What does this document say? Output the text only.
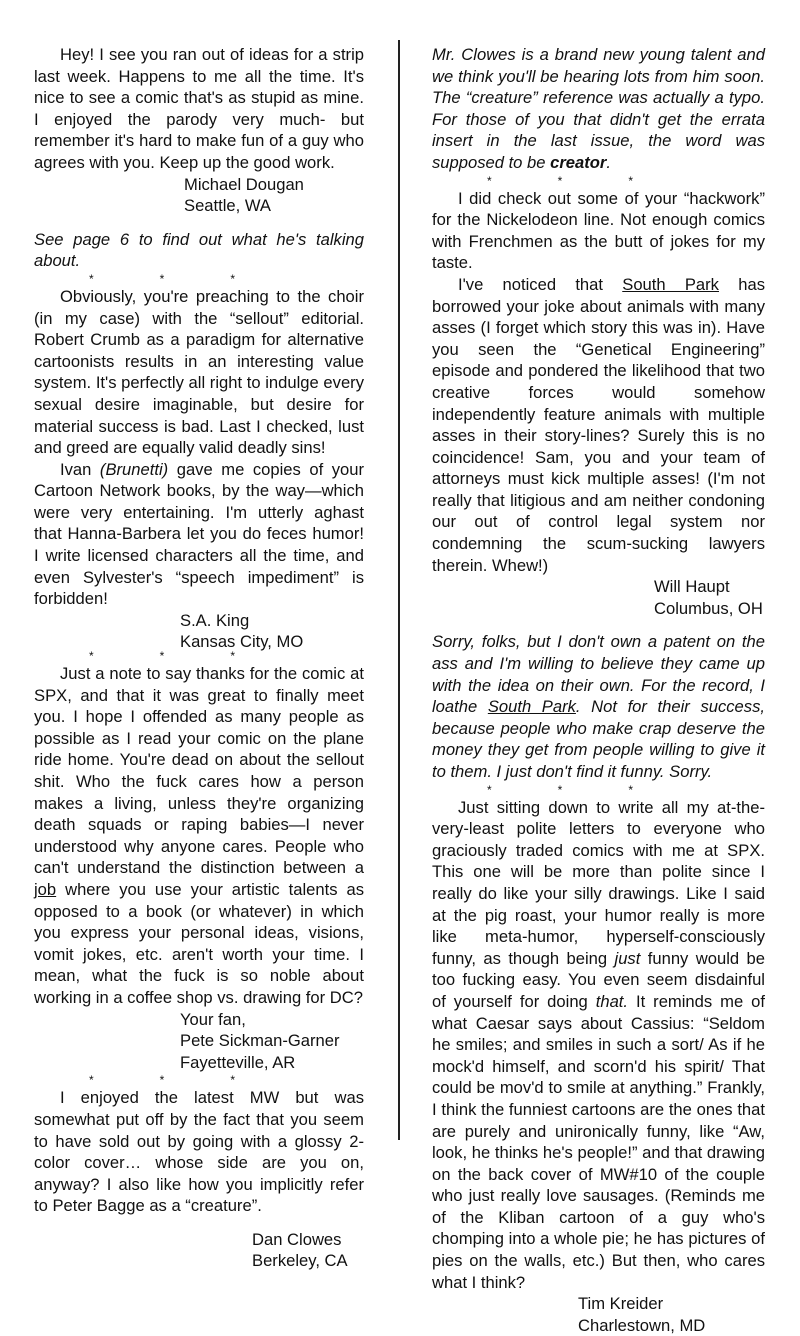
Hey! I see you ran out of ideas for a strip last week. Happens to me all the time. It's nice to see a comic that's as stupid as mine. I enjoyed the parody very much- but remember it's hard to make fun of a guy who agrees with you. Keep up the good work.

Michael Dougan
Seattle, WA

See page 6 to find out what he's talking about.

*	*	*

Obviously, you're preaching to the choir (in my case) with the “sellout” editorial. Robert Crumb as a paradigm for alternative cartoonists results in an interesting value system. It's perfectly all right to indulge every sexual desire imaginable, but desire for material success is bad. Last I checked, lust and greed are equally valid deadly sins!

Ivan (Brunetti) gave me copies of your Cartoon Network books, by the way—which were very entertaining. I'm utterly aghast that Hanna-Barbera let you do feces humor! I write licensed characters all the time, and even Sylvester's “speech impediment” is forbidden!

S.A. King
Kansas City, MO
*	*	*

Just a note to say thanks for the comic at SPX, and that it was great to finally meet you. I hope I offended as many people as possible as I read your comic on the plane ride home. You're dead on about the sellout shit. Who the fuck cares how a person makes a living, unless they're organizing death squads or raping babies—I never understood why anyone cares. People who can't understand the distinction between a job where you use your artistic talents as opposed to a book (or whatever) in which you express your personal ideas, visions, vomit jokes, etc. aren't worth your time. I mean, what the fuck is so noble about working in a coffee shop vs. drawing for DC?

Your fan,
Pete Sickman-Garner
Fayetteville, AR
*	*	*

I enjoyed the latest MW but was somewhat put off by the fact that you seem to have sold out by going with a glossy 2-color cover… whose side are you on, anyway? I also like how you implicitly refer to Peter Bagge as a “creature”.

Dan Clowes
Berkeley, CA

Mr. Clowes is a brand new young talent and we think you'll be hearing lots from him soon. The “creature” reference was actually a typo. For those of you that didn't get the errata insert in the last issue, the word was supposed to be creator.

*	*	*

I did check out some of your “hackwork” for the Nickelodeon line. Not enough comics with Frenchmen as the butt of jokes for my taste.

I've noticed that South Park has borrowed your joke about animals with many asses (I forget which story this was in). Have you seen the “Genetical Engineering” episode and pondered the likelihood that two creative forces would somehow independently feature animals with multiple asses in their story-lines? Surely this is no coincidence! Sam, you and your team of attorneys must kick multiple asses! (I'm not really that litigious and am neither condoning our out of control legal system nor condemning the scum-sucking lawyers therein. Whew!)

Will Haupt
Columbus, OH

Sorry, folks, but I don't own a patent on the ass and I'm willing to believe they came up with the idea on their own. For the record, I loathe South Park. Not for their success, because people who make crap deserve the money they get from people willing to give it to them. I just don't find it funny. Sorry.

*	*	*

Just sitting down to write all my at-the-very-least polite letters to everyone who graciously traded comics with me at SPX. This one will be more than polite since I really do like your silly drawings. Like I said at the pig roast, your humor really is more like meta-humor, hyperself-consciously funny, as though being just funny would be too fucking easy. You even seem disdainful of yourself for doing that. It reminds me of what Caesar says about Cassius: “Seldom he smiles; and smiles in such a sort/ As if he mock'd himself, and scorn'd his spirit/ That could be mov'd to smile at anything.” Frankly, I think the funniest cartoons are the ones that are purely and unironically funny, like “Aw, look, he thinks he's people!” and that drawing on the back cover of MW#10 of the couple who just really love sausages. (Reminds me of the Kliban cartoon of a guy who's chomping into a whole pie; he has pictures of pies on the walls, etc.) But then, who cares what I think?

Tim Kreider
Charlestown, MD
